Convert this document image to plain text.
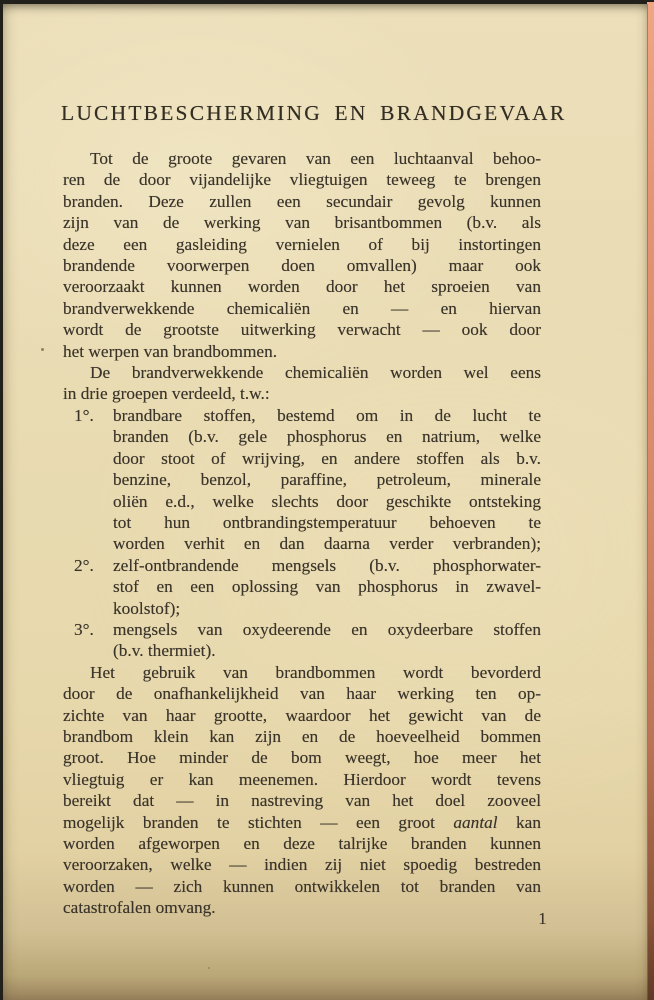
LUCHTBESCHERMING EN BRANDGEVAAR
Tot de groote gevaren van een luchtaanval behoo-
ren de door vijandelijke vliegtuigen teweeg te brengen
branden. Deze zullen een secundair gevolg kunnen
zijn van de werking van brisantbommen (b.v. als
deze een gasleiding vernielen of bij instortingen
brandende voorwerpen doen omvallen) maar ook
veroorzaakt kunnen worden door het sproeien van
brandverwekkende chemicaliën en — en hiervan
wordt de grootste uitwerking verwacht — ook door
het werpen van brandbommen.
De brandverwekkende chemicaliën worden wel eens
in drie groepen verdeeld, t.w.:
1°.	brandbare stoffen, bestemd om in de lucht te
branden (b.v. gele phosphorus en natrium, welke
door stoot of wrijving, en andere stoffen als b.v.
benzine, benzol, paraffine, petroleum, minerale
oliën e.d., welke slechts door geschikte ontsteking
tot hun ontbrandingstemperatuur behoeven te
worden verhit en dan daarna verder verbranden);
2°.	zelf-ontbrandende mengsels (b.v. phosphorwater-
stof en een oplossing van phosphorus in zwavel-
koolstof);
3°.	mengsels van oxydeerende en oxydeerbare stoffen
(b.v. thermiet).
Het gebruik van brandbommen wordt bevorderd
door de onafhankelijkheid van haar werking ten op-
zichte van haar grootte, waardoor het gewicht van de
brandbom klein kan zijn en de hoeveelheid bommen
groot. Hoe minder de bom weegt, hoe meer het
vliegtuig er kan meenemen. Hierdoor wordt tevens
bereikt dat — in nastreving van het doel zooveel
mogelijk branden te stichten — een groot aantal kan
worden afgeworpen en deze talrijke branden kunnen
veroorzaken, welke — indien zij niet spoedig bestreden
worden — zich kunnen ontwikkelen tot branden van
catastrofalen omvang.
1
